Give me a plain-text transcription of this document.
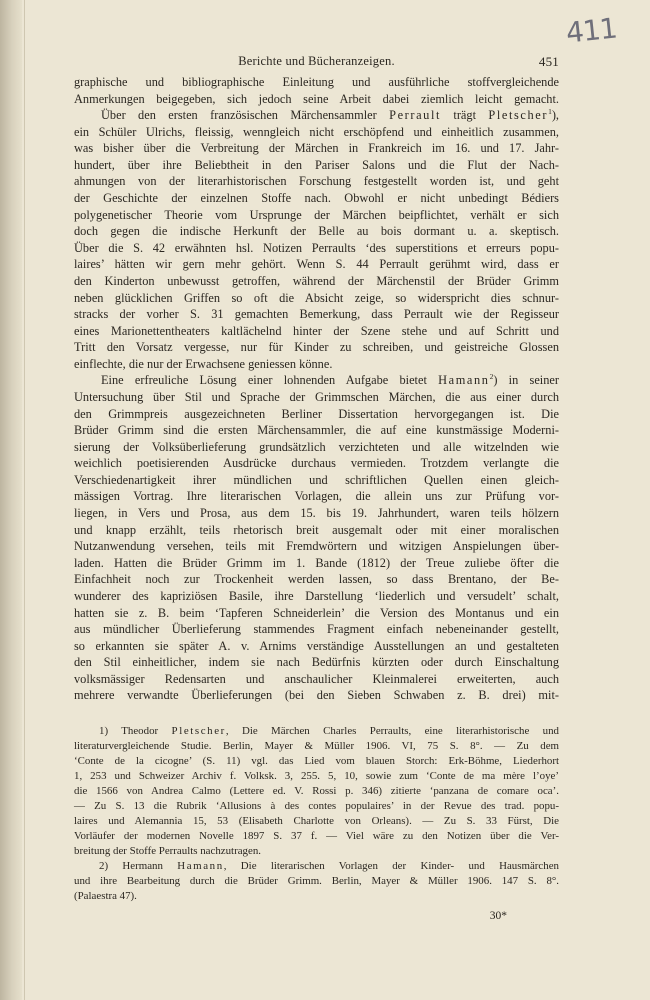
411
Berichte und Bücheranzeigen.	451

graphische und bibliographische Einleitung und ausführliche stoffvergleichende

Anmerkungen beigegeben, sich jedoch seine Arbeit dabei ziemlich leicht gemacht.

Über den ersten französischen Märchensammler Perrault trägt Pletscher$^1$),

ein Schüler Ulrichs, fleissig, wenngleich nicht erschöpfend und einheitlich zusammen,

was bisher über die Verbreitung der Märchen in Frankreich im 16. und 17. Jahr-

hundert, über ihre Beliebtheit in den Pariser Salons und die Flut der Nach-

ahmungen von der literarhistorischen Forschung festgestellt worden ist, und geht

der Geschichte der einzelnen Stoffe nach. Obwohl er nicht unbedingt Bédiers

polygenetischer Theorie vom Ursprunge der Märchen beipflichtet, verhält er sich

doch gegen die indische Herkunft der Belle au bois dormant u. a. skeptisch.

Über die S. 42 erwähnten hsl. Notizen Perraults ‘des superstitions et erreurs popu-

laires’ hätten wir gern mehr gehört. Wenn S. 44 Perrault gerühmt wird, dass er

den Kinderton unbewusst getroffen, während der Märchenstil der Brüder Grimm

neben glücklichen Griffen so oft die Absicht zeige, so widerspricht dies schnur-

stracks der vorher S. 31 gemachten Bemerkung, dass Perrault wie der Regisseur

eines Marionettentheaters kaltlächelnd hinter der Szene stehe und auf Schritt und

Tritt den Vorsatz vergesse, nur für Kinder zu schreiben, und geistreiche Glossen

einflechte, die nur der Erwachsene geniessen könne.

Eine erfreuliche Lösung einer lohnenden Aufgabe bietet Hamann$^2$) in seiner

Untersuchung über Stil und Sprache der Grimmschen Märchen, die aus einer durch

den Grimmpreis ausgezeichneten Berliner Dissertation hervorgegangen ist. Die

Brüder Grimm sind die ersten Märchensammler, die auf eine kunstmässige Moderni-

sierung der Volksüberlieferung grundsätzlich verzichteten und alle witzelnden wie

weichlich poetisierenden Ausdrücke durchaus vermieden. Trotzdem verlangte die

Verschiedenartigkeit ihrer mündlichen und schriftlichen Quellen einen gleich-

mässigen Vortrag. Ihre literarischen Vorlagen, die allein uns zur Prüfung vor-

liegen, in Vers und Prosa, aus dem 15. bis 19. Jahrhundert, waren teils hölzern

und knapp erzählt, teils rhetorisch breit ausgemalt oder mit einer moralischen

Nutzanwendung versehen, teils mit Fremdwörtern und witzigen Anspielungen über-

laden. Hatten die Brüder Grimm im 1. Bande (1812) der Treue zuliebe öfter die

Einfachheit noch zur Trockenheit werden lassen, so dass Brentano, der Be-

wunderer des kapriziösen Basile, ihre Darstellung ‘liederlich und versudelt’ schalt,

hatten sie z. B. beim ‘Tapferen Schneiderlein’ die Version des Montanus und ein

aus mündlicher Überlieferung stammendes Fragment einfach nebeneinander gestellt,

so erkannten sie später A. v. Arnims verständige Ausstellungen an und gestalteten

den Stil einheitlicher, indem sie nach Bedürfnis kürzten oder durch Einschaltung

volksmässiger Redensarten und anschaulicher Kleinmalerei erweiterten, auch

mehrere verwandte Überlieferungen (bei den Sieben Schwaben z. B. drei) mit-

1) Theodor Pletscher, Die Märchen Charles Perraults, eine literarhistorische und

literaturvergleichende Studie. Berlin, Mayer & Müller 1906. VI, 75 S. 8°. — Zu dem

‘Conte de la cicogne’ (S. 11) vgl. das Lied vom blauen Storch: Erk-Böhme, Liederhort

1, 253 und Schweizer Archiv f. Volksk. 3, 255. 5, 10, sowie zum ‘Conte de ma mère l’oye’

die 1566 von Andrea Calmo (Lettere ed. V. Rossi p. 346) zitierte ‘panzana de comare oca’.

— Zu S. 13 die Rubrik ‘Allusions à des contes populaires’ in der Revue des trad. popu-

laires und Alemannia 15, 53 (Elisabeth Charlotte von Orleans). — Zu S. 33 Fürst, Die

Vorläufer der modernen Novelle 1897 S. 37 f. — Viel wäre zu den Notizen über die Ver-

breitung der Stoffe Perraults nachzutragen.

2) Hermann Hamann, Die literarischen Vorlagen der Kinder- und Hausmärchen

und ihre Bearbeitung durch die Brüder Grimm. Berlin, Mayer & Müller 1906. 147 S. 8°.

(Palaestra 47).

30*
